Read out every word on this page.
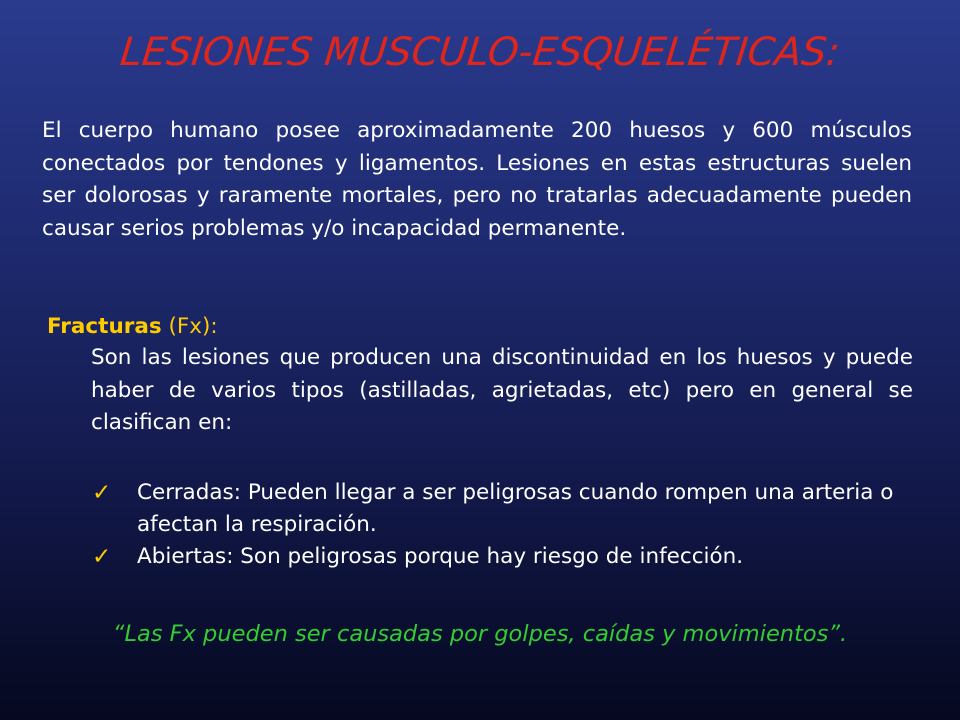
LESIONES MUSCULO-ESQUELÉTICAS:
El cuerpo humano posee aproximadamente 200 huesos y 600 músculos conectados por tendones y ligamentos. Lesiones en estas estructuras suelen ser dolorosas y raramente mortales, pero no tratarlas adecuadamente pueden causar serios problemas y/o incapacidad permanente.
Fracturas (Fx):
Son las lesiones que producen una discontinuidad en los huesos y puede haber de varios tipos (astilladas, agrietadas, etc) pero en general se clasifican en:
✓ Cerradas: Pueden llegar a ser peligrosas cuando rompen una arteria o afectan la respiración.
✓ Abiertas: Son peligrosas porque hay riesgo de infección.
“Las Fx pueden ser causadas por golpes, caídas y movimientos”.
